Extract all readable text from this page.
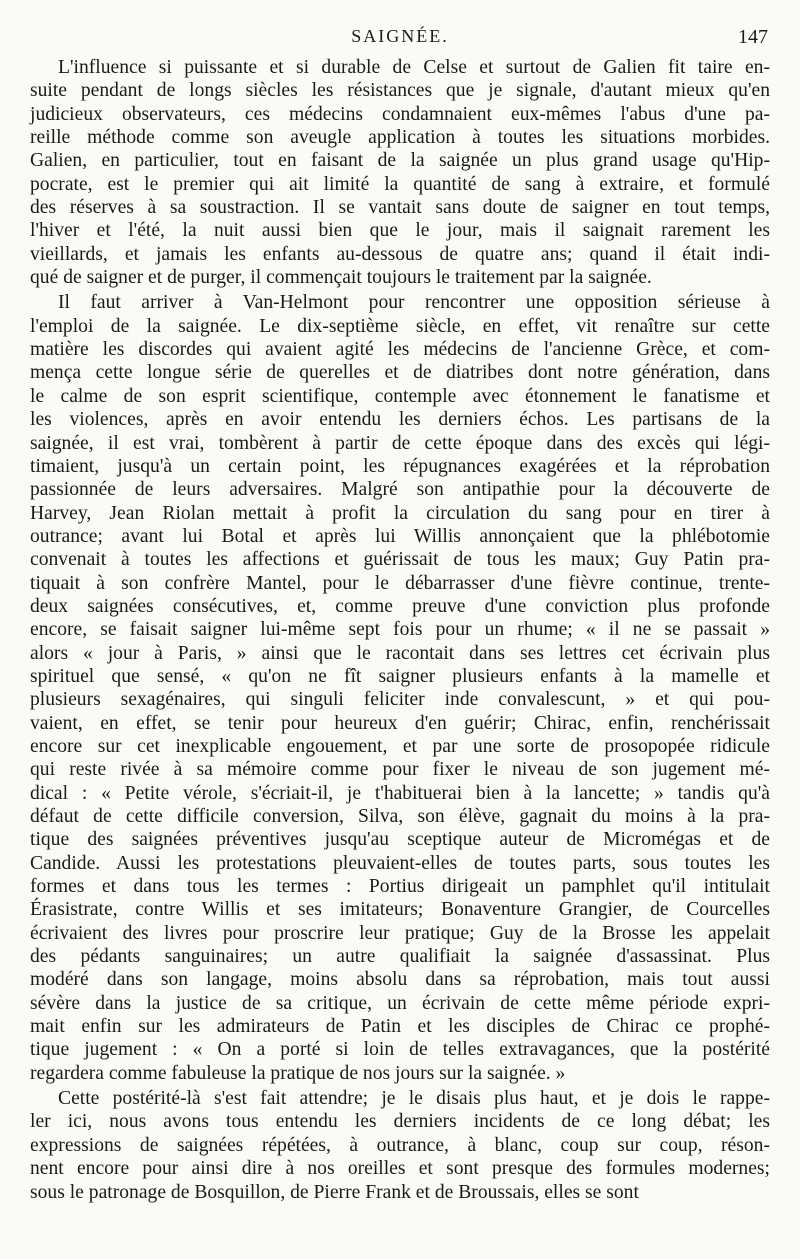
SAIGNÉE.	147
L'influence si puissante et si durable de Celse et surtout de Galien fit taire en-
suite pendant de longs siècles les résistances que je signale, d'autant mieux qu'en
judicieux observateurs, ces médecins condamnaient eux-mêmes l'abus d'une pa-
reille méthode comme son aveugle application à toutes les situations morbides.
Galien, en particulier, tout en faisant de la saignée un plus grand usage qu'Hip-
pocrate, est le premier qui ait limité la quantité de sang à extraire, et formulé
des réserves à sa soustraction. Il se vantait sans doute de saigner en tout temps,
l'hiver et l'été, la nuit aussi bien que le jour, mais il saignait rarement les
vieillards, et jamais les enfants au-dessous de quatre ans; quand il était indi-
qué de saigner et de purger, il commençait toujours le traitement par la saignée.
Il faut arriver à Van-Helmont pour rencontrer une opposition sérieuse à
l'emploi de la saignée. Le dix-septième siècle, en effet, vit renaître sur cette
matière les discordes qui avaient agité les médecins de l'ancienne Grèce, et com-
mença cette longue série de querelles et de diatribes dont notre génération, dans
le calme de son esprit scientifique, contemple avec étonnement le fanatisme et
les violences, après en avoir entendu les derniers échos. Les partisans de la
saignée, il est vrai, tombèrent à partir de cette époque dans des excès qui légi-
timaient, jusqu'à un certain point, les répugnances exagérées et la réprobation
passionnée de leurs adversaires. Malgré son antipathie pour la découverte de
Harvey, Jean Riolan mettait à profit la circulation du sang pour en tirer à
outrance; avant lui Botal et après lui Willis annonçaient que la phlébotomie
convenait à toutes les affections et guérissait de tous les maux; Guy Patin pra-
tiquait à son confrère Mantel, pour le débarrasser d'une fièvre continue, trente-
deux saignées consécutives, et, comme preuve d'une conviction plus profonde
encore, se faisait saigner lui-même sept fois pour un rhume; « il ne se passait »
alors « jour à Paris, » ainsi que le racontait dans ses lettres cet écrivain plus
spirituel que sensé, « qu'on ne fît saigner plusieurs enfants à la mamelle et
plusieurs sexagénaires, qui singuli feliciter inde convalescunt, » et qui pou-
vaient, en effet, se tenir pour heureux d'en guérir; Chirac, enfin, renchérissait
encore sur cet inexplicable engouement, et par une sorte de prosopopée ridicule
qui reste rivée à sa mémoire comme pour fixer le niveau de son jugement mé-
dical : « Petite vérole, s'écriait-il, je t'habituerai bien à la lancette; » tandis qu'à
défaut de cette difficile conversion, Silva, son élève, gagnait du moins à la pra-
tique des saignées préventives jusqu'au sceptique auteur de Micromégas et de
Candide. Aussi les protestations pleuvaient-elles de toutes parts, sous toutes les
formes et dans tous les termes : Portius dirigeait un pamphlet qu'il intitulait
Érasistrate, contre Willis et ses imitateurs; Bonaventure Grangier, de Courcelles
écrivaient des livres pour proscrire leur pratique; Guy de la Brosse les appelait
des pédants sanguinaires; un autre qualifiait la saignée d'assassinat. Plus
modéré dans son langage, moins absolu dans sa réprobation, mais tout aussi
sévère dans la justice de sa critique, un écrivain de cette même période expri-
mait enfin sur les admirateurs de Patin et les disciples de Chirac ce prophé-
tique jugement : « On a porté si loin de telles extravagances, que la postérité
regardera comme fabuleuse la pratique de nos jours sur la saignée. »
Cette postérité-là s'est fait attendre; je le disais plus haut, et je dois le rappe-
ler ici, nous avons tous entendu les derniers incidents de ce long débat; les
expressions de saignées répétées, à outrance, à blanc, coup sur coup, réson-
nent encore pour ainsi dire à nos oreilles et sont presque des formules modernes;
sous le patronage de Bosquillon, de Pierre Frank et de Broussais, elles se sont
